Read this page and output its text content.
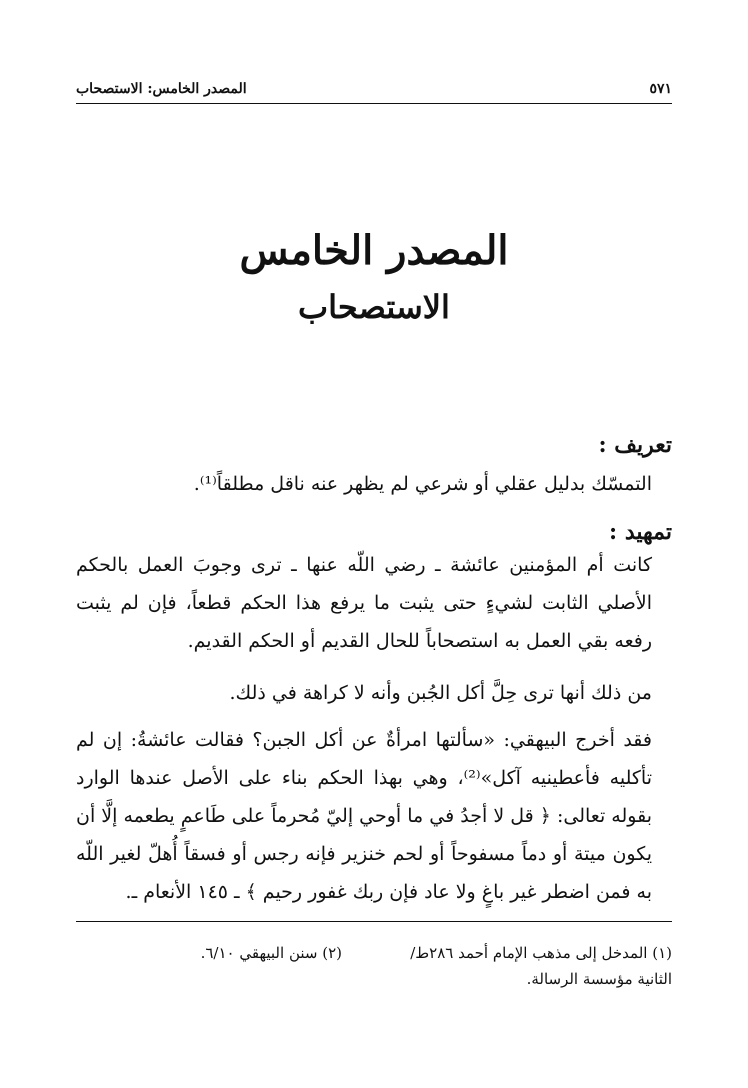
٥٧١
المصدر الخامس: الاستصحاب
المصدر الخامس
الاستصحاب
تعريف :
التمسّك بدليل عقلي أو شرعي لم يظهر عنه ناقل مطلقاً⁽¹⁾.
تمهيد :
كانت أم المؤمنين عائشة ـ رضي اللّه عنها ـ ترى وجوبَ العمل بالحكم الأصلي الثابت لشيءٍ حتى يثبت ما يرفع هذا الحكم قطعاً، فإن لم يثبت رفعه بقي العمل به استصحاباً للحال القديم أو الحكم القديم.
من ذلك أنها ترى حِلَّ أكل الجُبن وأنه لا كراهة في ذلك.
فقد أخرج البيهقي: «سألتها امرأةٌ عن أكل الجبن؟ فقالت عائشةُ: إن لم تأكليه فأعطينيه آكل»⁽²⁾، وهي بهذا الحكم بناء على الأصل عندها الوارد بقوله تعالى: ﴿ قل لا أجدُ في ما أوحي إليّ مُحرماً على طَاعمٍ يطعمه إلَّا أن يكون ميتة أو دماً مسفوحاً أو لحم خنزير فإنه رجس أو فسقاً أُهلّ لغير اللّه به فمن اضطر غير باغٍ ولا عاد فإن ربك غفور رحيم ﴾ ـ ١٤٥ الأنعام ـ.
(١) المدخل إلى مذهب الإمام أحمد ٢٨٦ط/ الثانية مؤسسة الرسالة.
(٢) سنن البيهقي ٦/١٠.
